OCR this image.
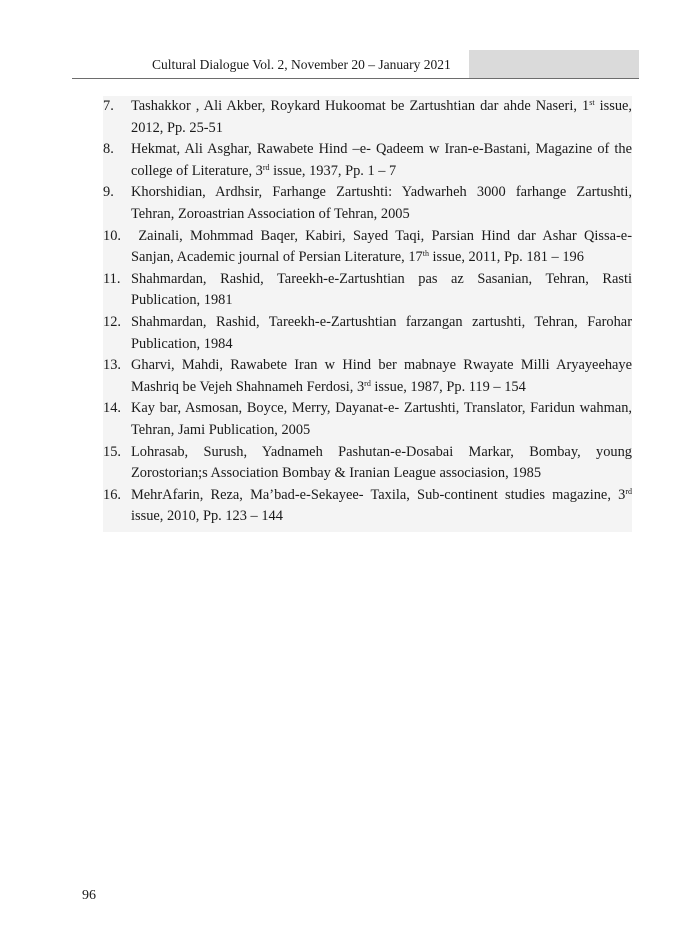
Cultural Dialogue Vol. 2, November 20 – January 2021
7.	Tashakkor , Ali Akber, Roykard Hukoomat be Zartushtian dar ahde Naseri, 1st issue, 2012, Pp. 25-51
8.	Hekmat, Ali Asghar, Rawabete Hind –e- Qadeem w Iran-e-Bastani, Magazine of the college of Literature, 3rd issue, 1937, Pp. 1 – 7
9.	Khorshidian, Ardhsir, Farhange Zartushti: Yadwarheh 3000 farhange Zartushti, Tehran, Zoroastrian Association of Tehran, 2005
10. Zainali, Mohmmad Baqer, Kabiri, Sayed Taqi, Parsian Hind dar Ashar Qissa-e-Sanjan, Academic journal of Persian Literature, 17th issue, 2011, Pp. 181 – 196
11. Shahmardan, Rashid, Tareekh-e-Zartushtian pas az Sasanian, Tehran, Rasti Publication, 1981
12. Shahmardan, Rashid, Tareekh-e-Zartushtian farzangan zartushti, Tehran, Farohar Publication, 1984
13. Gharvi, Mahdi, Rawabete Iran w Hind ber mabnaye Rwayate Milli Aryayeehaye Mashriq be Vejeh Shahnameh Ferdosi, 3rd issue, 1987, Pp. 119 – 154
14. Kay bar, Asmosan, Boyce, Merry, Dayanat-e- Zartushti, Translator, Faridun wahman, Tehran, Jami Publication, 2005
15. Lohrasab, Surush, Yadnameh Pashutan-e-Dosabai Markar, Bombay, young Zorostorian;s Association Bombay & Iranian League associasion, 1985
16. MehrAfarin, Reza, Ma’bad-e-Sekayee- Taxila, Sub-continent studies magazine, 3rd issue, 2010, Pp. 123 – 144
96
